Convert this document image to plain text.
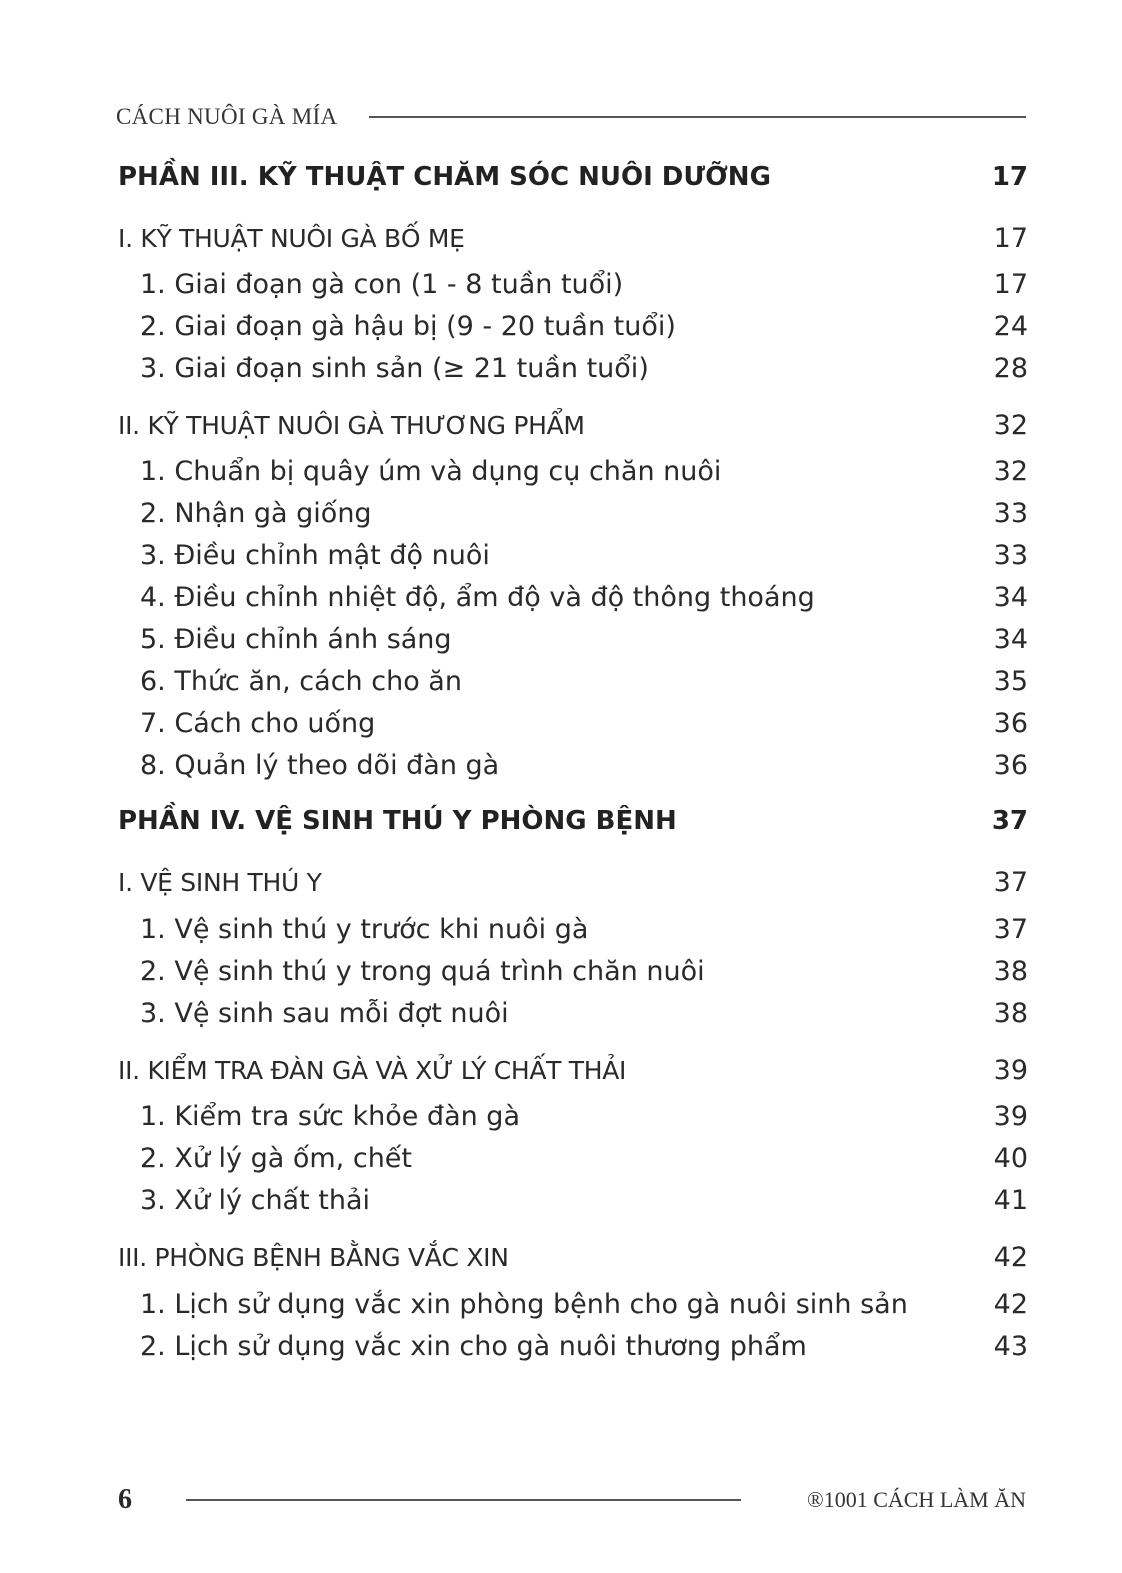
CÁCH NUÔI GÀ MÍA
PHẦN III. KỸ THUẬT CHĂM SÓC NUÔI DƯỠNG	17
I. KỸ THUẬT NUÔI GÀ BỐ MẸ	17
1. Giai đoạn gà con (1 - 8 tuần tuổi)	17
2. Giai đoạn gà hậu bị (9 - 20 tuần tuổi)	24
3. Giai đoạn sinh sản (≥ 21 tuần tuổi)	28
II. KỸ THUẬT NUÔI GÀ THƯƠNG PHẨM	32
1. Chuẩn bị quây úm và dụng cụ chăn nuôi	32
2. Nhận gà giống	33
3. Điều chỉnh mật độ nuôi	33
4. Điều chỉnh nhiệt độ, ẩm độ và độ thông thoáng	34
5. Điều chỉnh ánh sáng	34
6. Thức ăn, cách cho ăn	35
7. Cách cho uống	36
8. Quản lý theo dõi đàn gà	36
PHẦN IV. VỆ SINH THÚ Y PHÒNG BỆNH	37
I. VỆ SINH THÚ Y	37
1. Vệ sinh thú y trước khi nuôi gà	37
2. Vệ sinh thú y trong quá trình chăn nuôi	38
3. Vệ sinh sau mỗi đợt nuôi	38
II. KIỂM TRA ĐÀN GÀ VÀ XỬ LÝ CHẤT THẢI	39
1. Kiểm tra sức khỏe đàn gà	39
2. Xử lý gà ốm, chết	40
3. Xử lý chất thải	41
III. PHÒNG BỆNH BẰNG VẮC XIN	42
1. Lịch sử dụng vắc xin phòng bệnh cho gà nuôi sinh sản	42
2. Lịch sử dụng vắc xin cho gà nuôi thương phẩm	43
6	®1001 CÁCH LÀM ĂN
